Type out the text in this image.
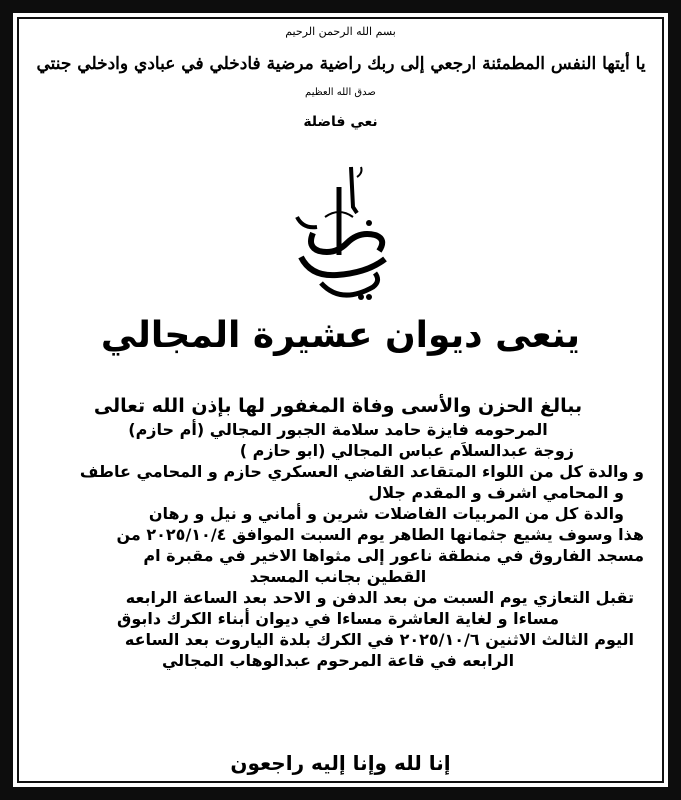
بسم الله الرحمن الرحيم
يا أيتها النفس المطمئنة ارجعي إلى ربك راضية مرضية فادخلي في عبادي وادخلي جنتي
صدق الله العظيم
نعي فاضلة
ينعى ديوان عشيرة المجالي
ببالغ الحزن والأسى وفاة المغفور لها بإذن الله تعالى
المرحومه فايزة حامد سلامة الجبور المجالي (أم حازم)
زوجة عبدالسلاَم عباس المجالي (ابو حازم )
و والدة كل من اللواء المتقاعد القاضي العسكري حازم و المحامي عاطف
و المحامي اشرف و المقدم جلال
والدة كل من المربيات الفاضلات شرين و أماني و نيل و رهان
هذا وسوف يشيع جثمانها الطاهر يوم السبت الموافق ٢٠٢٥/١٠/٤ من
مسجد الفاروق في منطقة ناعور إلى مثواها الاخير في مقبرة ام
القطين بجانب المسجد
تقبل التعازي يوم السبت من بعد الدفن و الاحد بعد الساعة الرابعه
مساءا و لغاية العاشرة مساءا في ديوان أبناء الكرك دابوق
اليوم الثالث الاثنين ٢٠٢٥/١٠/٦ في الكرك بلدة الياروت بعد الساعه
الرابعه في قاعة المرحوم عبدالوهاب المجالي
إنا لله وإنا إليه راجعون
